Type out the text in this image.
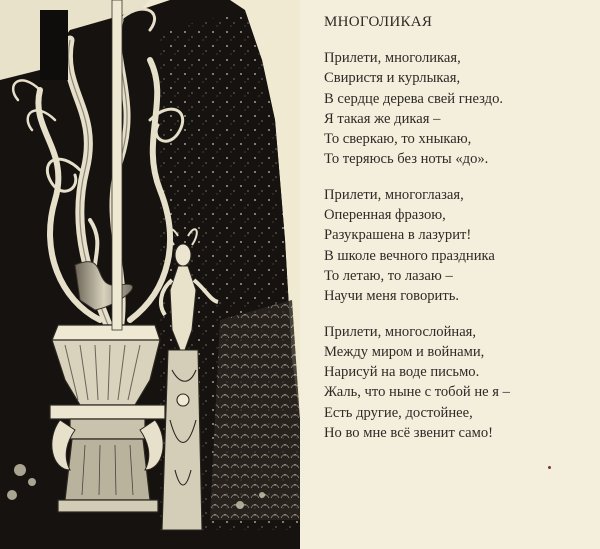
МНОГОЛИКАЯ
Прилети, многоликая,
Свиристя и курлыкая,
В сердце дерева свей гнездо.
Я такая же дикая –
То сверкаю, то хныкаю,
То теряюсь без ноты «до».
Прилети, многоглазая,
Оперенная фразою,
Разукрашена в лазурит!
В школе вечного праздника
То летаю, то лазаю –
Научи меня говорить.
Прилети, многослойная,
Между миром и войнами,
Нарисуй на воде письмо.
Жаль, что ныне с тобой не я –
Есть другие, достойнее,
Но во мне всё звенит само!
